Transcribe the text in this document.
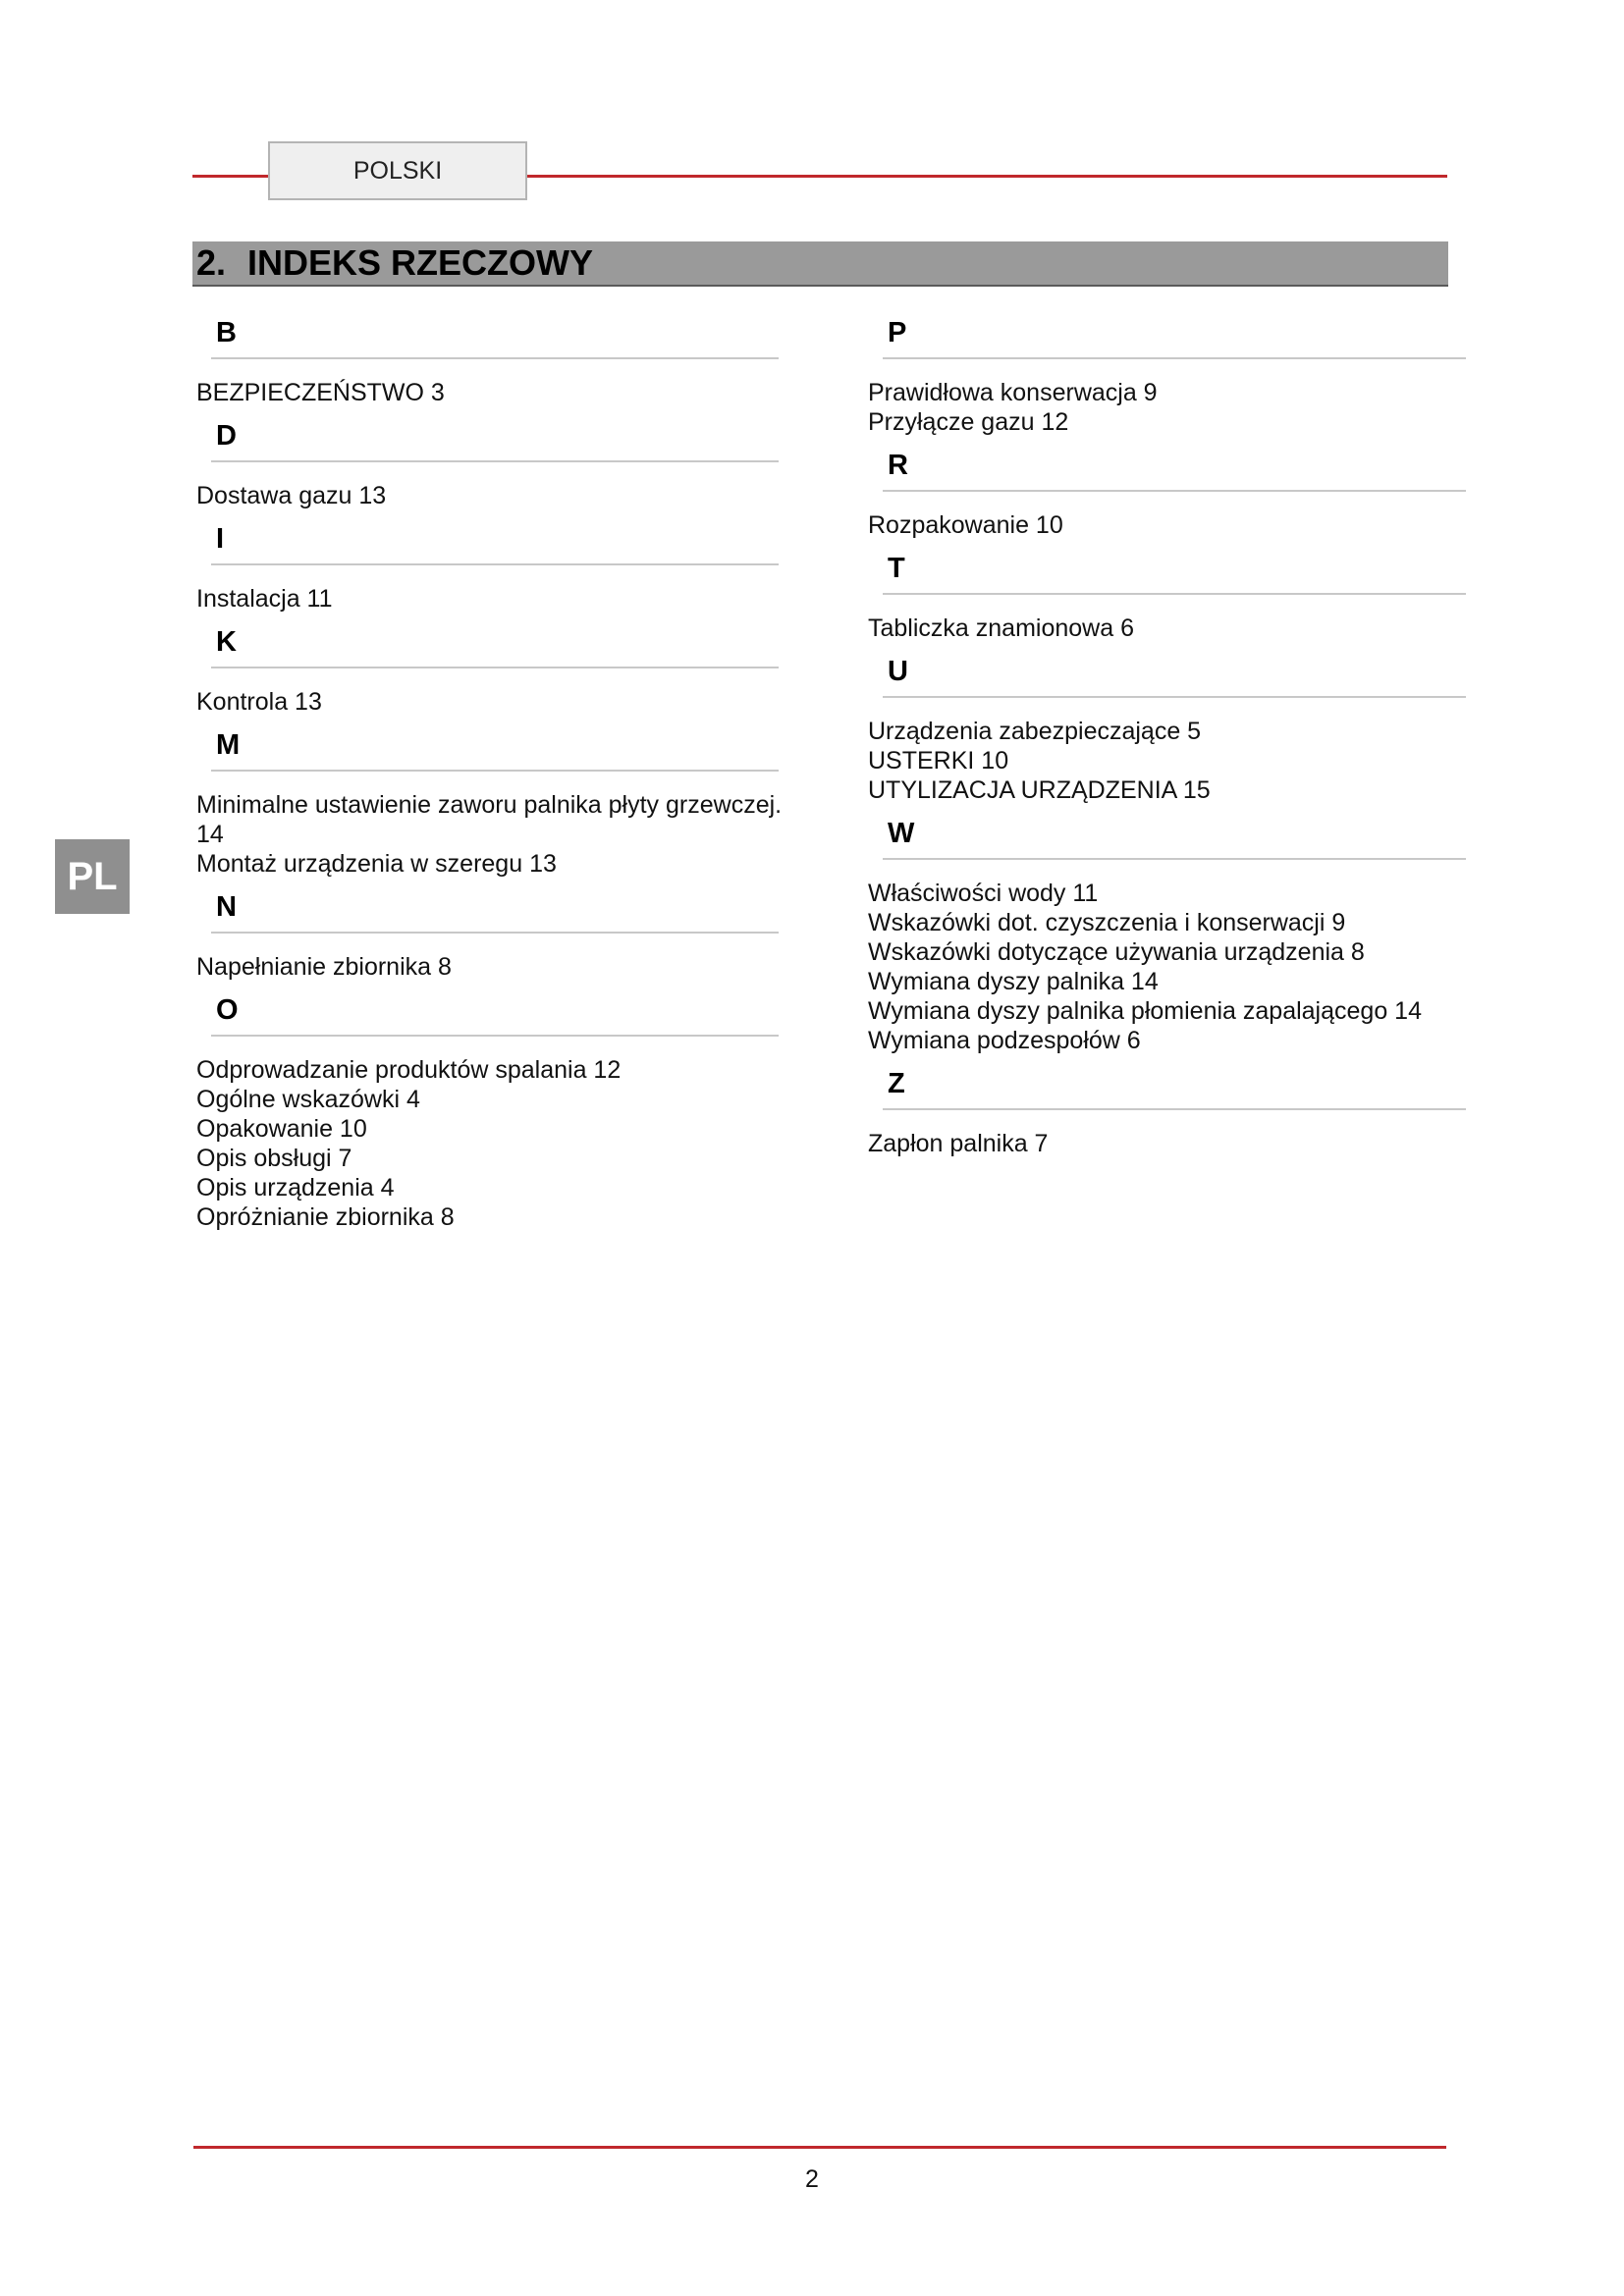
POLSKI
2. INDEKS RZECZOWY
PL
B
BEZPIECZEŃSTWO 3
D
Dostawa gazu 13
I
Instalacja 11
K
Kontrola 13
M
Minimalne ustawienie zaworu palnika płyty grzewczej.
14
Montaż urządzenia w szeregu 13
N
Napełnianie zbiornika 8
O
Odprowadzanie produktów spalania 12
Ogólne wskazówki 4
Opakowanie 10
Opis obsługi 7
Opis urządzenia 4
Opróżnianie zbiornika 8
P
Prawidłowa konserwacja 9
Przyłącze gazu 12
R
Rozpakowanie 10
T
Tabliczka znamionowa 6
U
Urządzenia zabezpieczające 5
USTERKI 10
UTYLIZACJA URZĄDZENIA 15
W
Właściwości wody 11
Wskazówki dot. czyszczenia i konserwacji 9
Wskazówki dotyczące używania urządzenia 8
Wymiana dyszy palnika 14
Wymiana dyszy palnika płomienia zapalającego 14
Wymiana podzespołów 6
Z
Zapłon palnika 7
2
